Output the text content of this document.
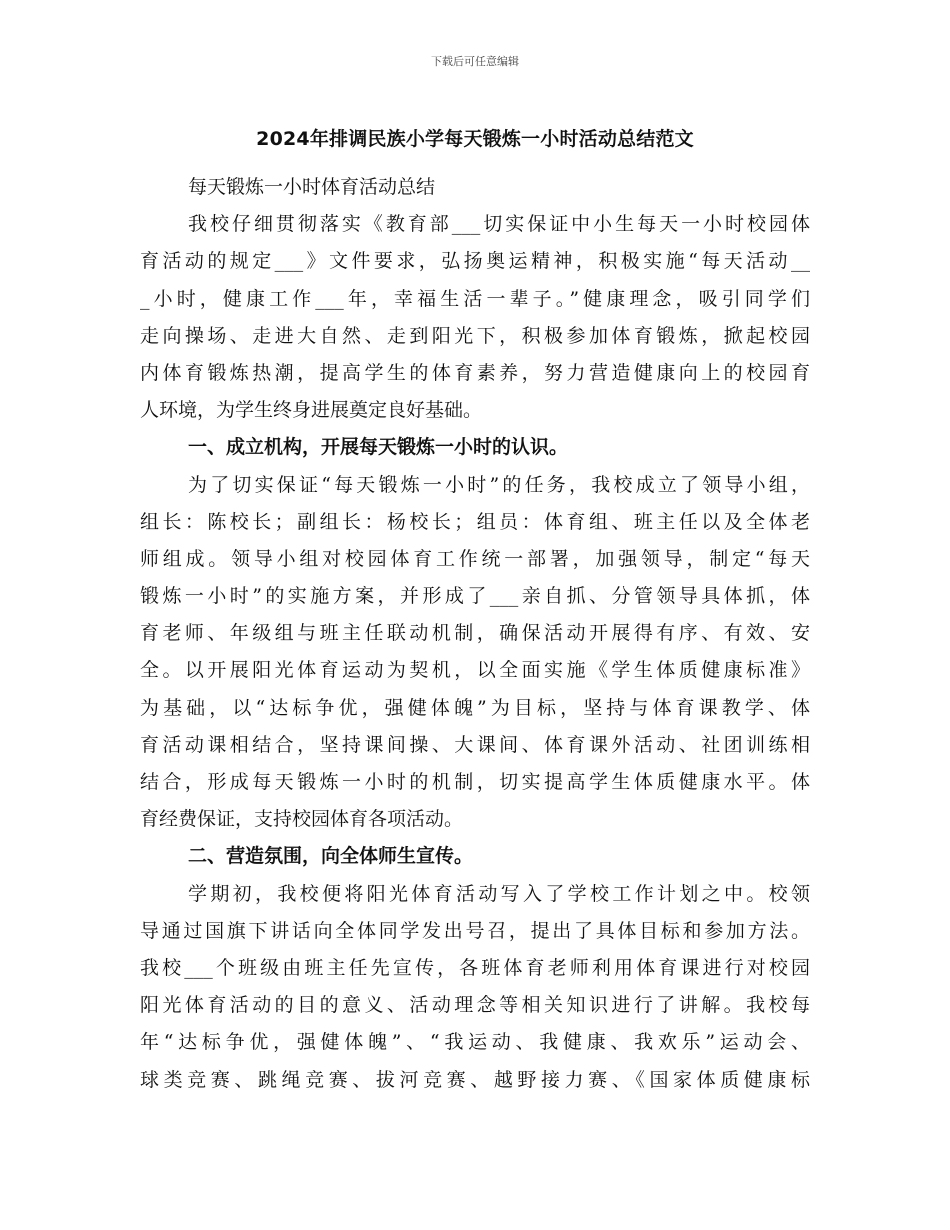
下载后可任意编辑
2024年排调民族小学每天锻炼一小时活动总结范文
每天锻炼一小时体育活动总结
我校仔细贯彻落实《教育部___切实保证中小生每天一小时校园体
育活动的规定___》文件要求，弘扬奥运精神，积极实施“每天活动__
_小时，健康工作___年，幸福生活一辈子。”健康理念，吸引同学们
走向操场、走进大自然、走到阳光下，积极参加体育锻炼，掀起校园
内体育锻炼热潮，提高学生的体育素养，努力营造健康向上的校园育
人环境，为学生终身进展奠定良好基础。
一、成立机构，开展每天锻炼一小时的认识。
为了切实保证“每天锻炼一小时”的任务，我校成立了领导小组，
组长：陈校长；副组长：杨校长；组员：体育组、班主任以及全体老
师组成。领导小组对校园体育工作统一部署，加强领导，制定“每天
锻炼一小时”的实施方案，并形成了___亲自抓、分管领导具体抓，体
育老师、年级组与班主任联动机制，确保活动开展得有序、有效、安
全。以开展阳光体育运动为契机，以全面实施《学生体质健康标准》
为基础，以“达标争优，强健体魄”为目标，坚持与体育课教学、体
育活动课相结合，坚持课间操、大课间、体育课外活动、社团训练相
结合，形成每天锻炼一小时的机制，切实提高学生体质健康水平。体
育经费保证，支持校园体育各项活动。
二、营造氛围，向全体师生宣传。
学期初，我校便将阳光体育活动写入了学校工作计划之中。校领
导通过国旗下讲话向全体同学发出号召，提出了具体目标和参加方法。
我校___个班级由班主任先宣传，各班体育老师利用体育课进行对校园
阳光体育活动的目的意义、活动理念等相关知识进行了讲解。我校每
年“达标争优，强健体魄”、“我运动、我健康、我欢乐”运动会、
球类竞赛、跳绳竞赛、拔河竞赛、越野接力赛、《国家体质健康标
